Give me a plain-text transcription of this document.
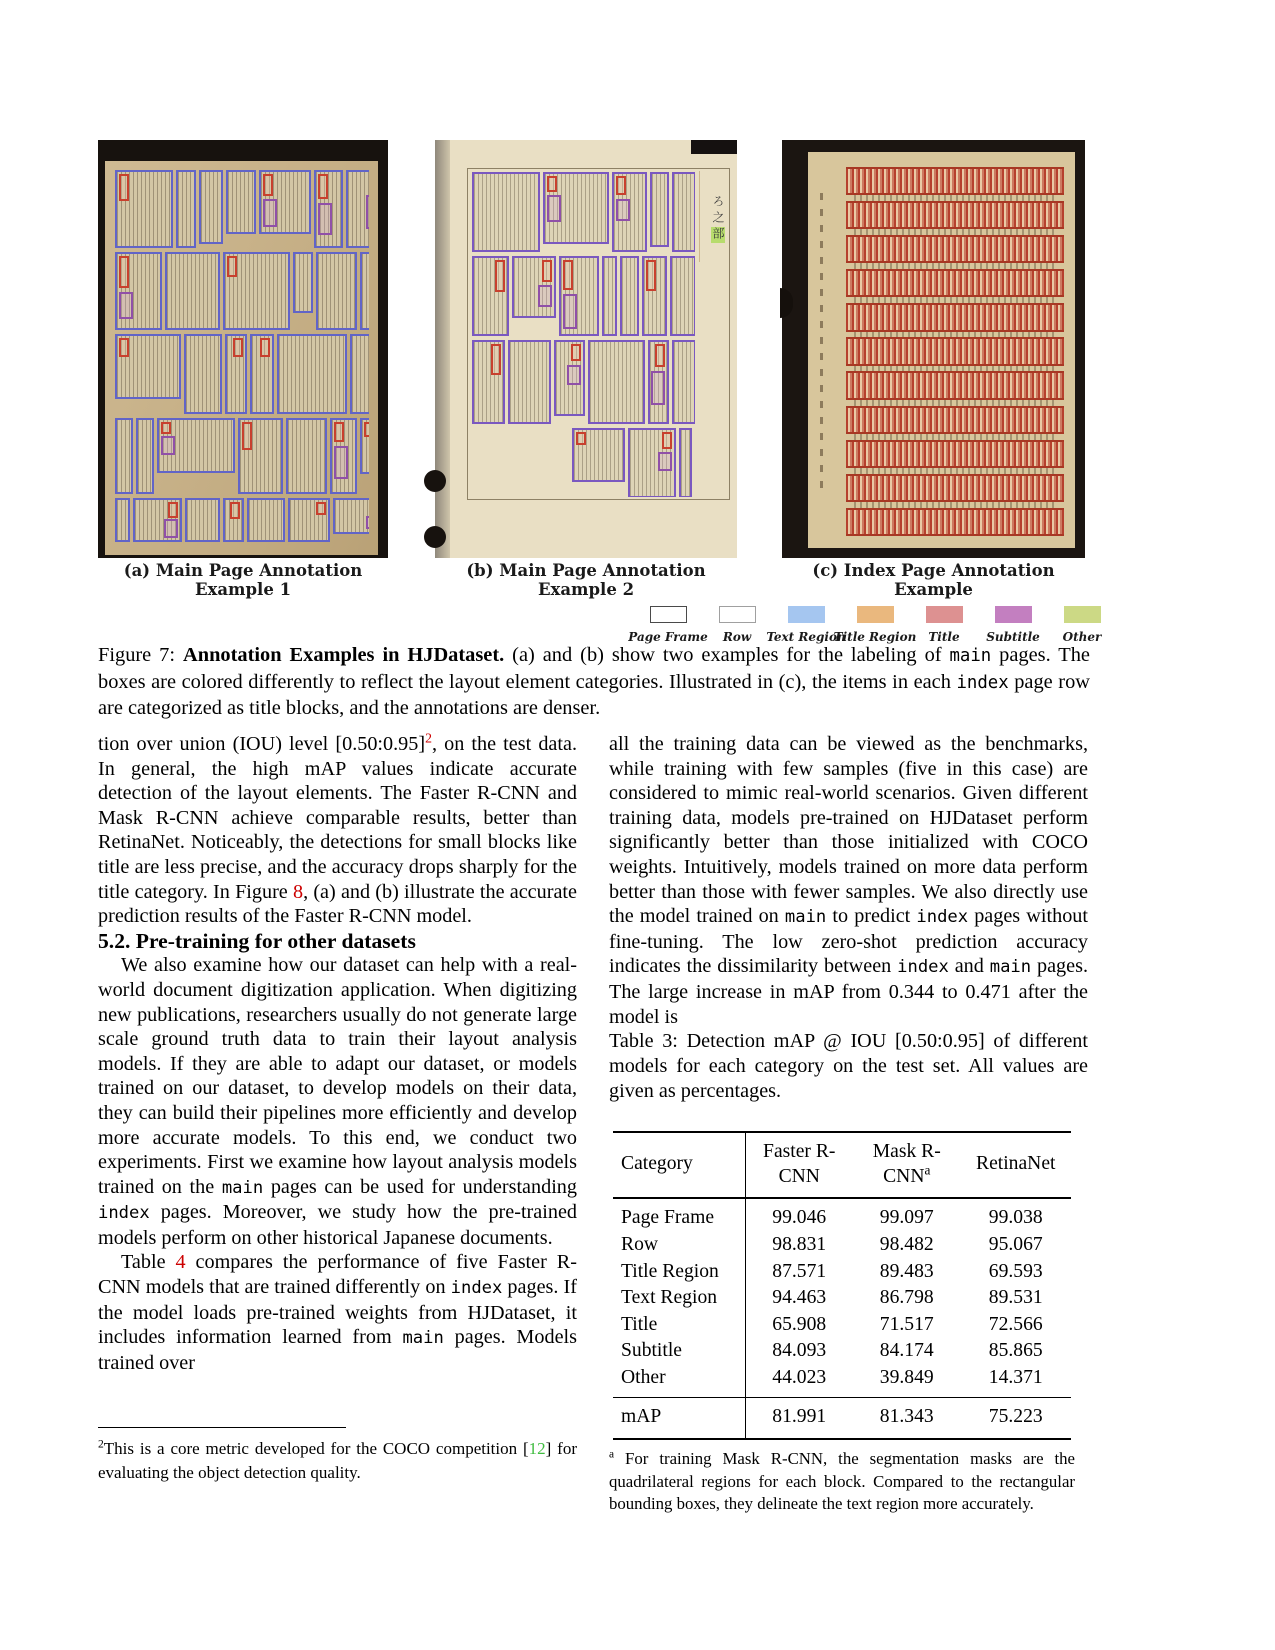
ろ之部
(a) Main Page Annotation Example 1
(b) Main Page Annotation Example 2
(c) Index Page Annotation Example
Page Frame Row Text Region
Title Region Title Subtitle Other
Figure 7: Annotation Examples in HJDataset. (a) and (b) show two examples for the labeling of main pages. The boxes are colored differently to reflect the layout element categories. Illustrated in (c), the items in each index page row are categorized as title blocks, and the annotations are denser.

tion over union (IOU) level [0.50:0.95]$^2$, on the test data. In general, the high mAP values indicate accurate detection of the layout elements. The Faster R-CNN and Mask R-CNN achieve comparable results, better than RetinaNet. Noticeably, the detections for small blocks like title are less precise, and the accuracy drops sharply for the title category. In Figure 8, (a) and (b) illustrate the accurate prediction results of the Faster R-CNN model.

5.2. Pre-training for other datasets

We also examine how our dataset can help with a real-world document digitization application. When digitizing new publications, researchers usually do not generate large scale ground truth data to train their layout analysis models. If they are able to adapt our dataset, or models trained on our dataset, to develop models on their data, they can build their pipelines more efficiently and develop more accurate models. To this end, we conduct two experiments. First we examine how layout analysis models trained on the main pages can be used for understanding index pages. Moreover, we study how the pre-trained models perform on other historical Japanese documents.

Table 4 compares the performance of five Faster R-CNN models that are trained differently on index pages. If the model loads pre-trained weights from HJDataset, it includes information learned from main pages. Models trained over

all the training data can be viewed as the benchmarks, while training with few samples (five in this case) are considered to mimic real-world scenarios. Given different training data, models pre-trained on HJDataset perform significantly better than those initialized with COCO weights. Intuitively, models trained on more data perform better than those with fewer samples. We also directly use the model trained on main to predict index pages without fine-tuning. The low zero-shot prediction accuracy indicates the dissimilarity between index and main pages. The large increase in mAP from 0.344 to 0.471 after the model is

Table 3: Detection mAP @ IOU [0.50:0.95] of different models for each category on the test set. All values are given as percentages.

Category	Faster R-CNN	Mask R-CNN$^a$	RetinaNet
Page Frame	99.046	99.097	99.038
Row	98.831	98.482	95.067
Title Region	87.571	89.483	69.593
Text Region	94.463	86.798	89.531
Title	65.908	71.517	72.566
Subtitle	84.093	84.174	85.865
Other	44.023	39.849	14.371
mAP	81.991	81.343	75.223
$^a$ For training Mask R-CNN, the segmentation masks are the quadrilateral regions for each block. Compared to the rectangular bounding boxes, they delineate the text region more accurately.
$^2$This is a core metric developed for the COCO competition [12] for evaluating the object detection quality.
